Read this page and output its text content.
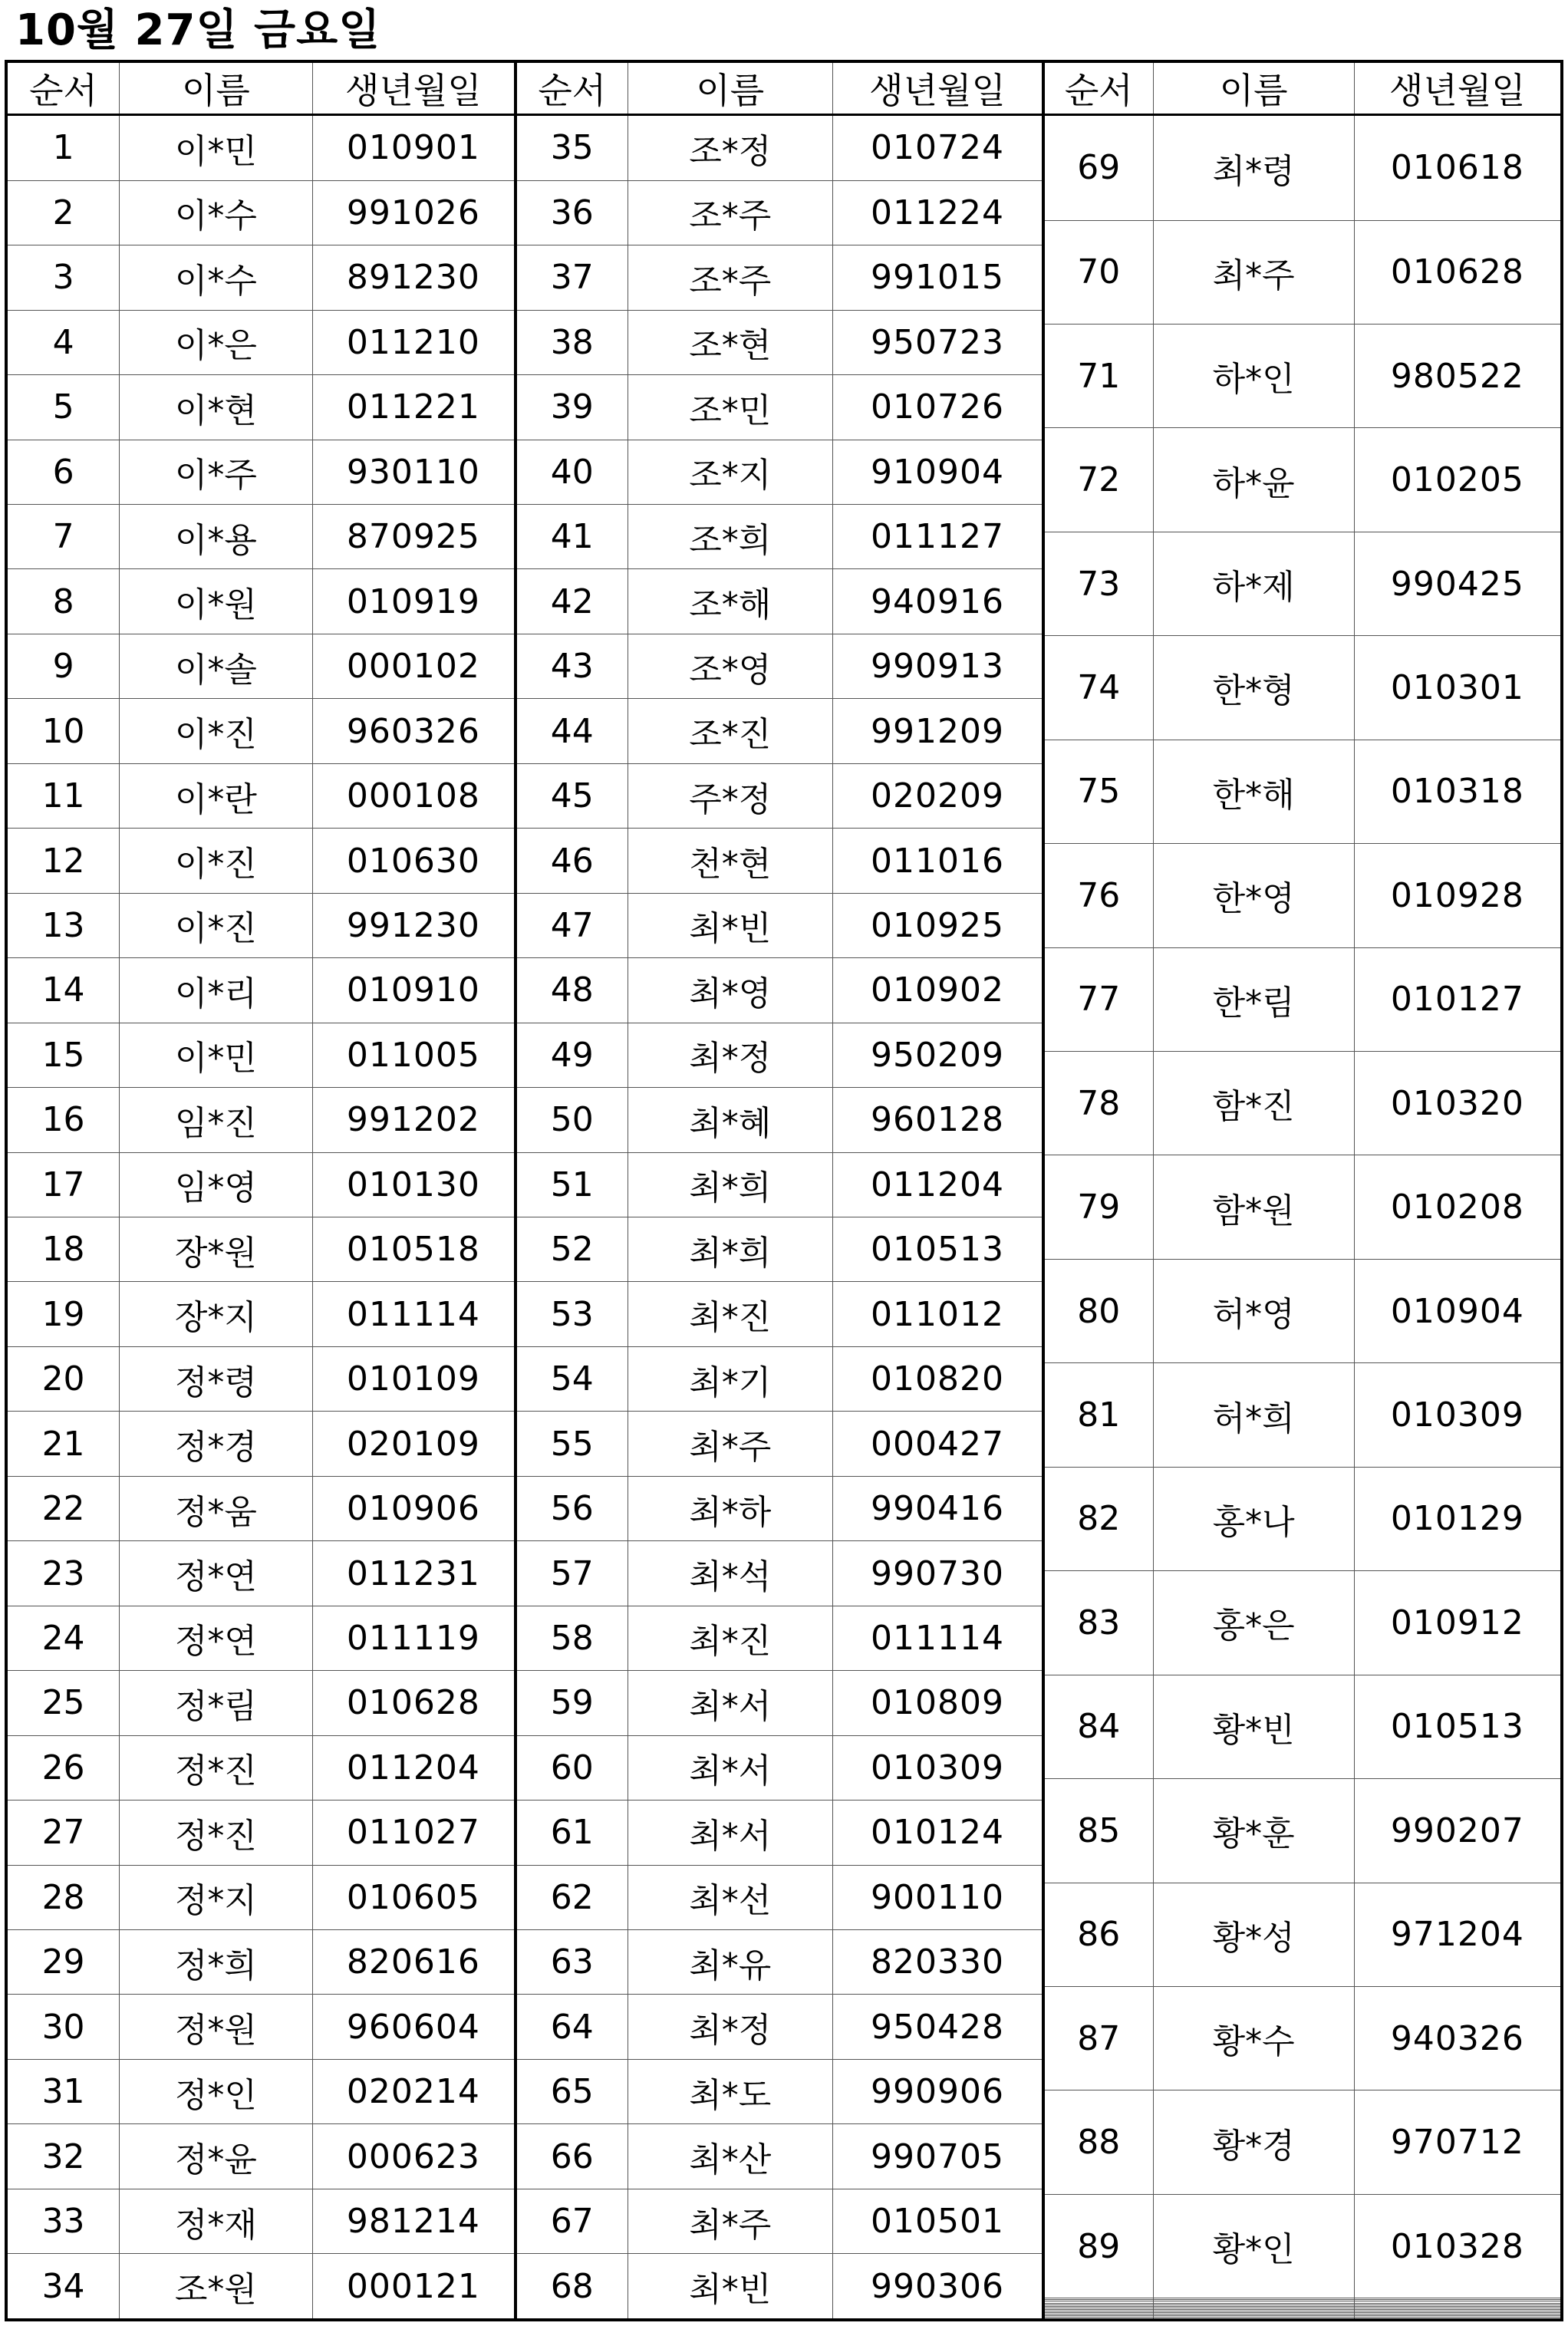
10월 27일 금요일
순서	이름	생년월일
1	이*민	010901
2	이*수	991026
3	이*수	891230
4	이*은	011210
5	이*현	011221
6	이*주	930110
7	이*용	870925
8	이*원	010919
9	이*솔	000102
10	이*진	960326
11	이*란	000108
12	이*진	010630
13	이*진	991230
14	이*리	010910
15	이*민	011005
16	임*진	991202
17	임*영	010130
18	장*원	010518
19	장*지	011114
20	정*령	010109
21	정*경	020109
22	정*움	010906
23	정*연	011231
24	정*연	011119
25	정*림	010628
26	정*진	011204
27	정*진	011027
28	정*지	010605
29	정*희	820616
30	정*원	960604
31	정*인	020214
32	정*윤	000623
33	정*재	981214
34	조*원	000121
순서	이름	생년월일
35	조*정	010724
36	조*주	011224
37	조*주	991015
38	조*현	950723
39	조*민	010726
40	조*지	910904
41	조*희	011127
42	조*해	940916
43	조*영	990913
44	조*진	991209
45	주*정	020209
46	천*현	011016
47	최*빈	010925
48	최*영	010902
49	최*정	950209
50	최*혜	960128
51	최*희	011204
52	최*희	010513
53	최*진	011012
54	최*기	010820
55	최*주	000427
56	최*하	990416
57	최*석	990730
58	최*진	011114
59	최*서	010809
60	최*서	010309
61	최*서	010124
62	최*선	900110
63	최*유	820330
64	최*정	950428
65	최*도	990906
66	최*산	990705
67	최*주	010501
68	최*빈	990306
순서	이름	생년월일
69	최*령	010618
70	최*주	010628
71	하*인	980522
72	하*윤	010205
73	하*제	990425
74	한*형	010301
75	한*해	010318
76	한*영	010928
77	한*림	010127
78	함*진	010320
79	함*원	010208
80	허*영	010904
81	허*희	010309
82	홍*나	010129
83	홍*은	010912
84	황*빈	010513
85	황*훈	990207
86	황*성	971204
87	황*수	940326
88	황*경	970712
89	황*인	010328
